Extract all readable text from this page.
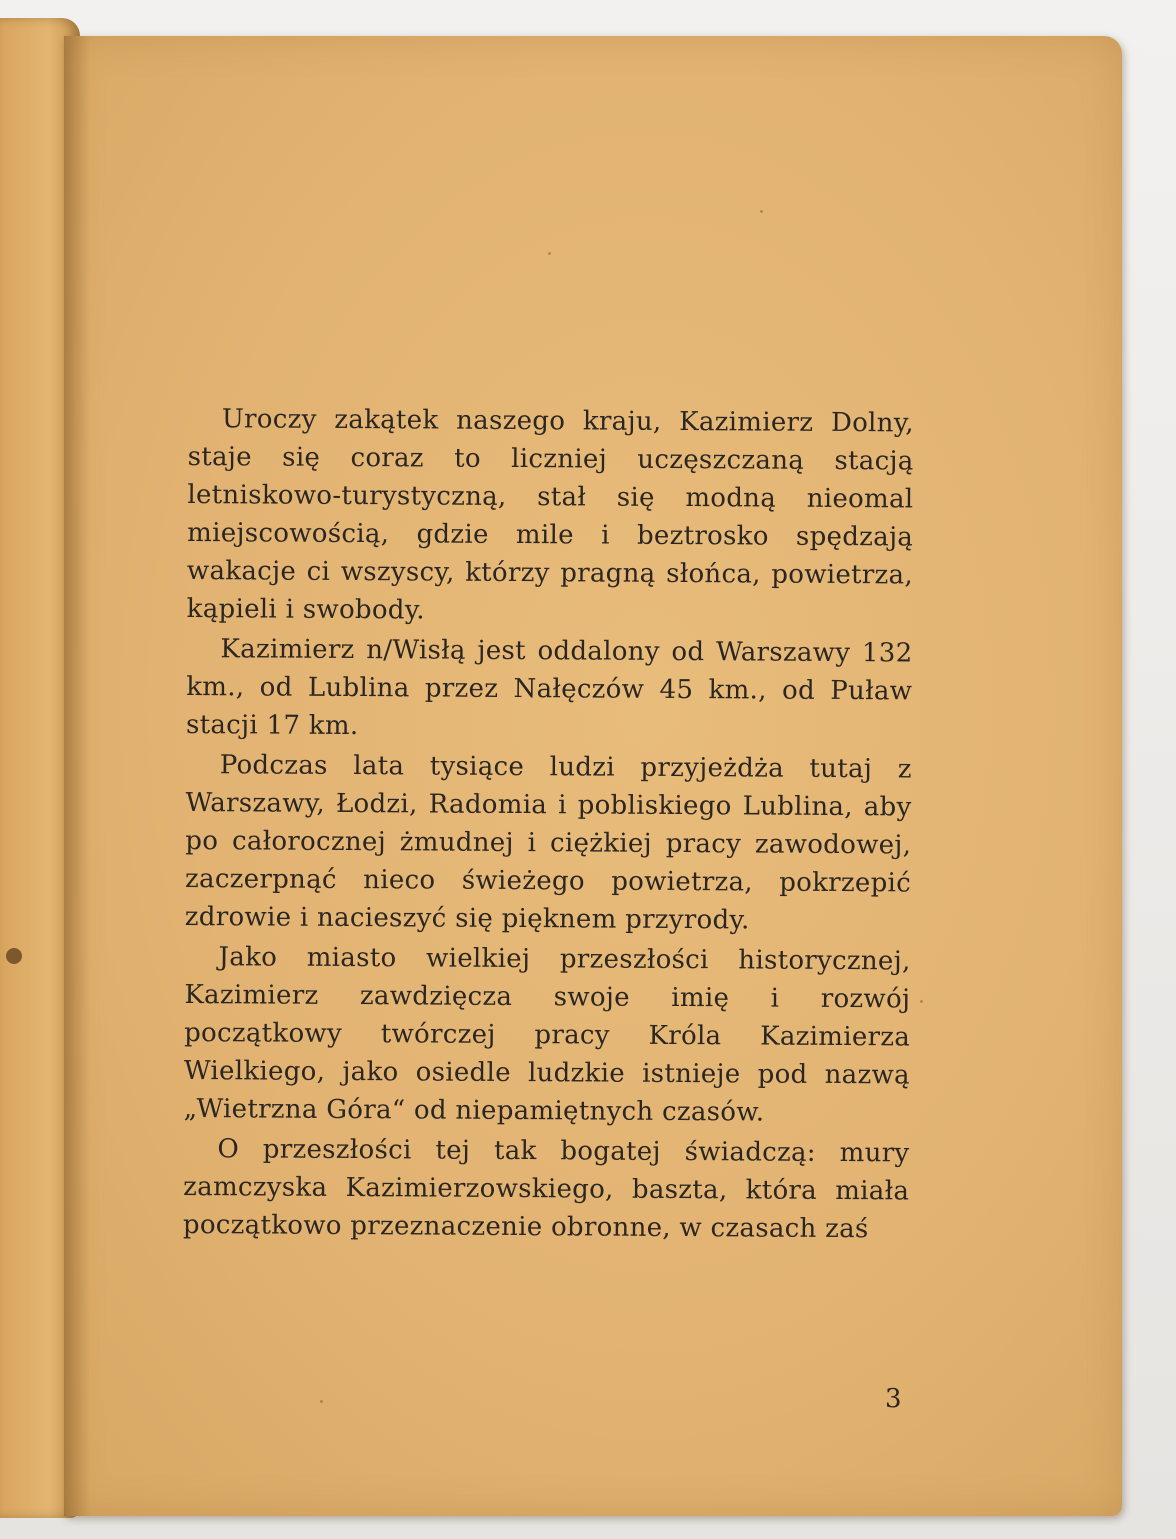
Uroczy zakątek naszego kraju, Kazimierz Dolny, staje się coraz to liczniej uczęszczaną stacją letniskowo-turystyczną, stał się modną nieomal miejscowością, gdzie mile i beztrosko spędzają wakacje ci wszyscy, którzy pragną słońca, powietrza, kąpieli i swobody.

Kazimierz n/Wisłą jest oddalony od Warszawy 132 km., od Lublina przez Nałęczów 45 km., od Puław stacji 17 km.

Podczas lata tysiące ludzi przyjeżdża tutaj z Warszawy, Łodzi, Radomia i pobliskiego Lublina, aby po całorocznej żmudnej i ciężkiej pracy zawodowej, zaczerpnąć nieco świeżego powietrza, pokrzepić zdrowie i nacieszyć się pięknem przyrody.

Jako miasto wielkiej przeszłości historycznej, Kazimierz zawdzięcza swoje imię i rozwój początkowy twórczej pracy Króla Kazimierza Wielkiego, jako osiedle ludzkie istnieje pod nazwą „Wietrzna Góra“ od niepamiętnych czasów.

O przeszłości tej tak bogatej świadczą: mury zamczyska Kazimierzowskiego, baszta, która miała początkowo przeznaczenie obronne, w czasach zaś

3
